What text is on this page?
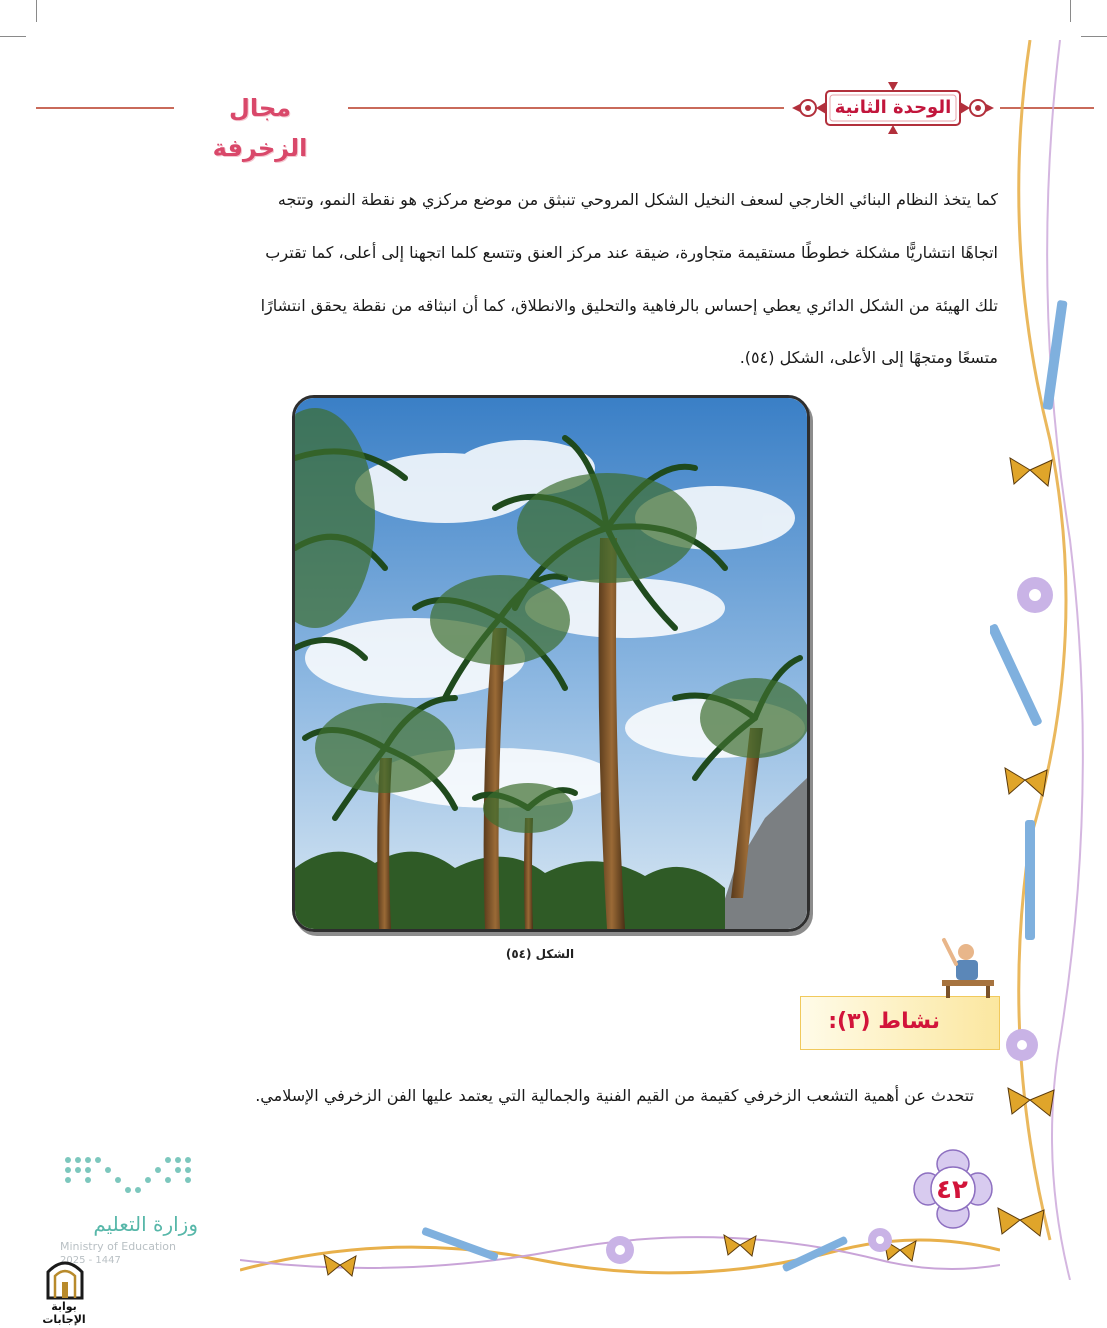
مجال الزخرفة
الوحدة الثانية
كما يتخذ النظام البنائي الخارجي لسعف النخيل الشكل المروحي تنبثق من موضع مركزي هو نقطة النمو، وتتجه
اتجاهًا انتشاريًّا مشكلة خطوطًا مستقيمة متجاورة، ضيقة عند مركز العنق وتتسع كلما اتجهنا إلى أعلى، كما تقترب
تلك الهيئة من الشكل الدائري يعطي إحساس بالرفاهية والتحليق والانطلاق، كما أن انبثاقه من نقطة يحقق انتشارًا
متسعًا ومتجهًا إلى الأعلى، الشكل (٥٤).
الشكل (٥٤)
نشاط (٣):
تتحدث عن أهمية التشعب الزخرفي كقيمة من القيم الفنية والجمالية التي يعتمد عليها الفن الزخرفي الإسلامي.
٤٢
وزارة التعليم
Ministry of Education
2025 - 1447
بوابة الإجابات
